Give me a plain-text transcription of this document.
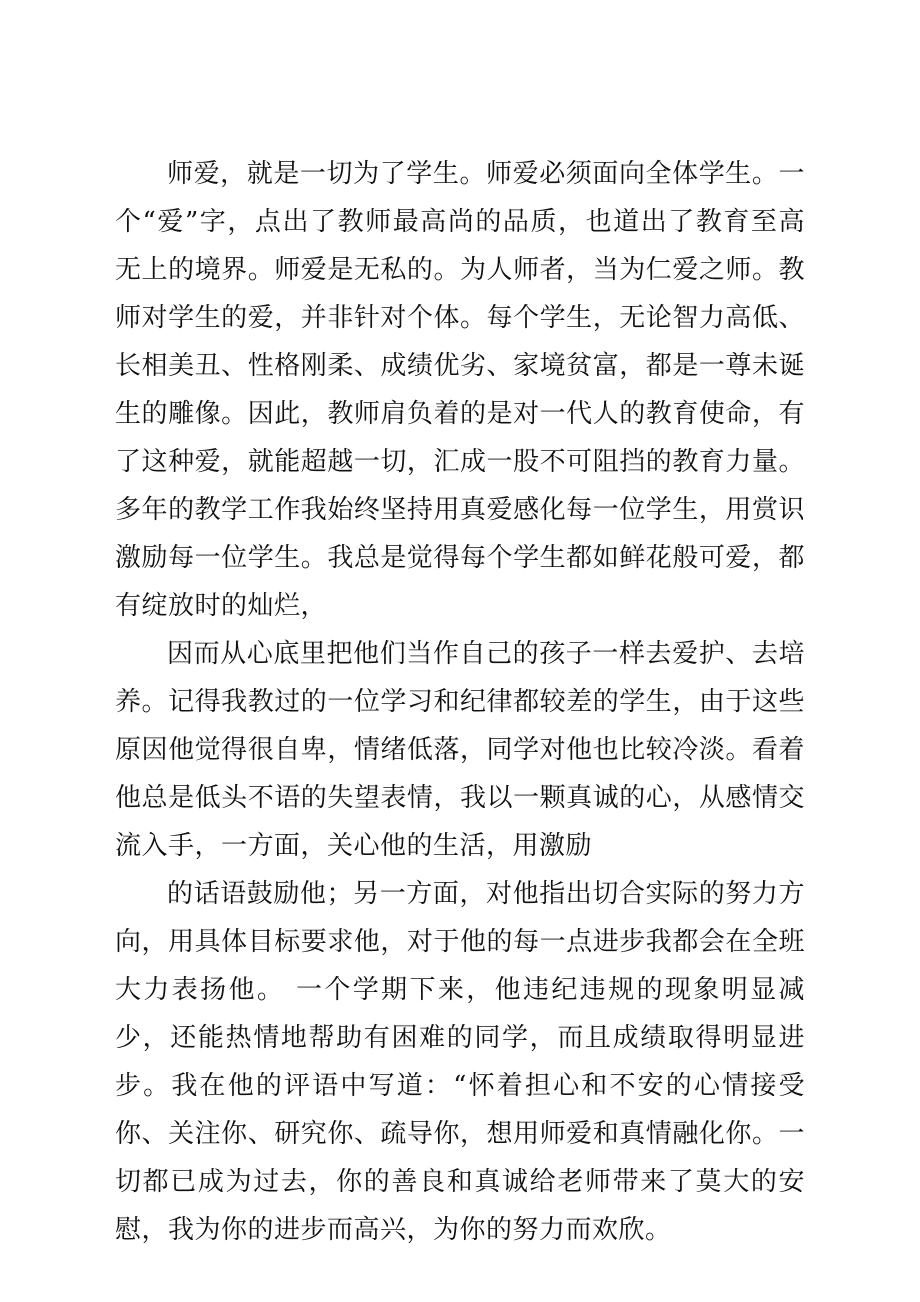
师爱，就是一切为了学生。师爱必须面向全体学生。一个“爱”字，点出了教师最高尚的品质，也道出了教育至高无上的境界。师爱是无私的。为人师者，当为仁爱之师。教师对学生的爱，并非针对个体。每个学生，无论智力高低、长相美丑、性格刚柔、成绩优劣、家境贫富，都是一尊未诞生的雕像。因此，教师肩负着的是对一代人的教育使命，有了这种爱，就能超越一切，汇成一股不可阻挡的教育力量。多年的教学工作我始终坚持用真爱感化每一位学生，用赏识激励每一位学生。我总是觉得每个学生都如鲜花般可爱，都有绽放时的灿烂，

因而从心底里把他们当作自己的孩子一样去爱护、去培养。记得我教过的一位学习和纪律都较差的学生，由于这些原因他觉得很自卑，情绪低落，同学对他也比较冷淡。看着他总是低头不语的失望表情，我以一颗真诚的心，从感情交流入手，一方面，关心他的生活，用激励

的话语鼓励他；另一方面，对他指出切合实际的努力方向，用具体目标要求他，对于他的每一点进步我都会在全班大力表扬他。 一个学期下来，他违纪违规的现象明显减少，还能热情地帮助有困难的同学，而且成绩取得明显进步。我在他的评语中写道：“怀着担心和不安的心情接受你、关注你、研究你、疏导你，想用师爱和真情融化你。一切都已成为过去，你的善良和真诚给老师带来了莫大的安慰，我为你的进步而高兴，为你的努力而欢欣。
